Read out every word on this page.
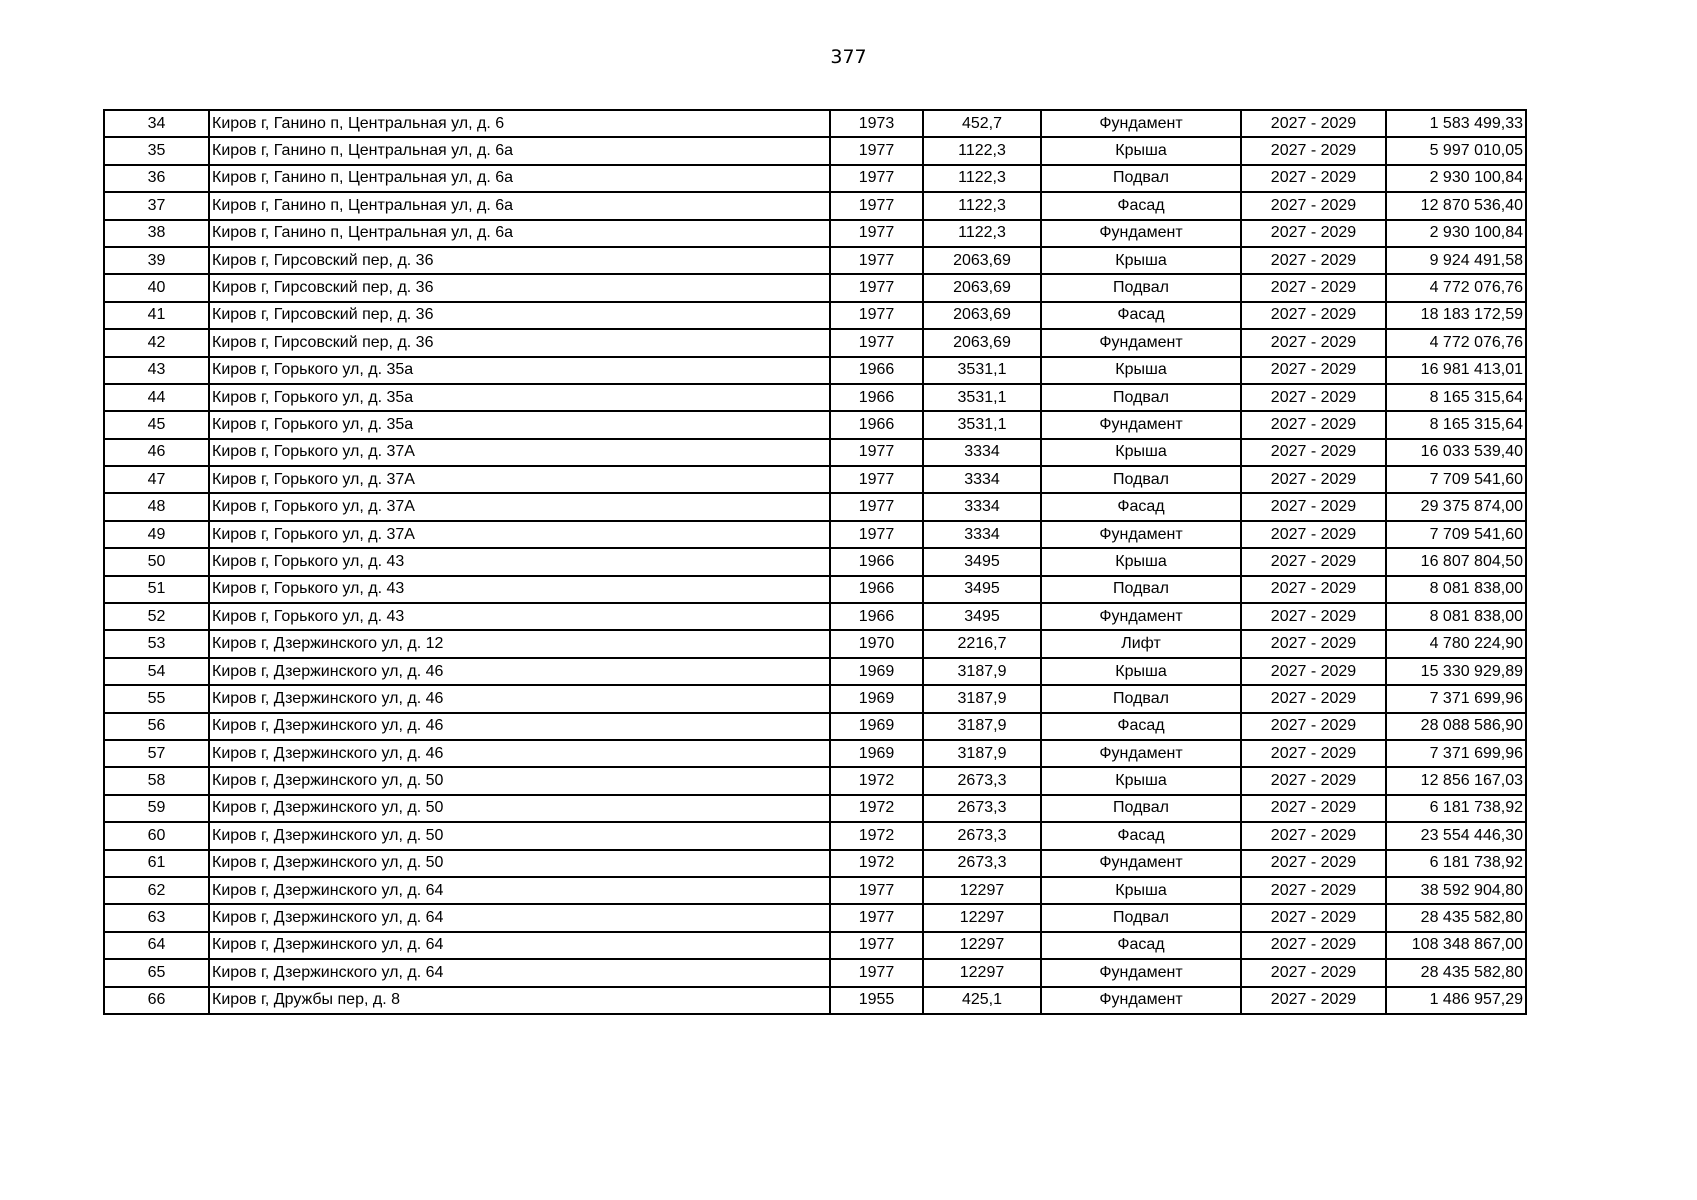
377
34	Киров г, Ганино п, Центральная ул, д. 6	1973	452,7	Фундамент	2027 - 2029	1 583 499,33
35	Киров г, Ганино п, Центральная ул, д. 6а	1977	1122,3	Крыша	2027 - 2029	5 997 010,05
36	Киров г, Ганино п, Центральная ул, д. 6а	1977	1122,3	Подвал	2027 - 2029	2 930 100,84
37	Киров г, Ганино п, Центральная ул, д. 6а	1977	1122,3	Фасад	2027 - 2029	12 870 536,40
38	Киров г, Ганино п, Центральная ул, д. 6а	1977	1122,3	Фундамент	2027 - 2029	2 930 100,84
39	Киров г, Гирсовский пер, д. 36	1977	2063,69	Крыша	2027 - 2029	9 924 491,58
40	Киров г, Гирсовский пер, д. 36	1977	2063,69	Подвал	2027 - 2029	4 772 076,76
41	Киров г, Гирсовский пер, д. 36	1977	2063,69	Фасад	2027 - 2029	18 183 172,59
42	Киров г, Гирсовский пер, д. 36	1977	2063,69	Фундамент	2027 - 2029	4 772 076,76
43	Киров г, Горького ул, д. 35а	1966	3531,1	Крыша	2027 - 2029	16 981 413,01
44	Киров г, Горького ул, д. 35а	1966	3531,1	Подвал	2027 - 2029	8 165 315,64
45	Киров г, Горького ул, д. 35а	1966	3531,1	Фундамент	2027 - 2029	8 165 315,64
46	Киров г, Горького ул, д. 37А	1977	3334	Крыша	2027 - 2029	16 033 539,40
47	Киров г, Горького ул, д. 37А	1977	3334	Подвал	2027 - 2029	7 709 541,60
48	Киров г, Горького ул, д. 37А	1977	3334	Фасад	2027 - 2029	29 375 874,00
49	Киров г, Горького ул, д. 37А	1977	3334	Фундамент	2027 - 2029	7 709 541,60
50	Киров г, Горького ул, д. 43	1966	3495	Крыша	2027 - 2029	16 807 804,50
51	Киров г, Горького ул, д. 43	1966	3495	Подвал	2027 - 2029	8 081 838,00
52	Киров г, Горького ул, д. 43	1966	3495	Фундамент	2027 - 2029	8 081 838,00
53	Киров г, Дзержинского ул, д. 12	1970	2216,7	Лифт	2027 - 2029	4 780 224,90
54	Киров г, Дзержинского ул, д. 46	1969	3187,9	Крыша	2027 - 2029	15 330 929,89
55	Киров г, Дзержинского ул, д. 46	1969	3187,9	Подвал	2027 - 2029	7 371 699,96
56	Киров г, Дзержинского ул, д. 46	1969	3187,9	Фасад	2027 - 2029	28 088 586,90
57	Киров г, Дзержинского ул, д. 46	1969	3187,9	Фундамент	2027 - 2029	7 371 699,96
58	Киров г, Дзержинского ул, д. 50	1972	2673,3	Крыша	2027 - 2029	12 856 167,03
59	Киров г, Дзержинского ул, д. 50	1972	2673,3	Подвал	2027 - 2029	6 181 738,92
60	Киров г, Дзержинского ул, д. 50	1972	2673,3	Фасад	2027 - 2029	23 554 446,30
61	Киров г, Дзержинского ул, д. 50	1972	2673,3	Фундамент	2027 - 2029	6 181 738,92
62	Киров г, Дзержинского ул, д. 64	1977	12297	Крыша	2027 - 2029	38 592 904,80
63	Киров г, Дзержинского ул, д. 64	1977	12297	Подвал	2027 - 2029	28 435 582,80
64	Киров г, Дзержинского ул, д. 64	1977	12297	Фасад	2027 - 2029	108 348 867,00
65	Киров г, Дзержинского ул, д. 64	1977	12297	Фундамент	2027 - 2029	28 435 582,80
66	Киров г, Дружбы пер, д. 8	1955	425,1	Фундамент	2027 - 2029	1 486 957,29
